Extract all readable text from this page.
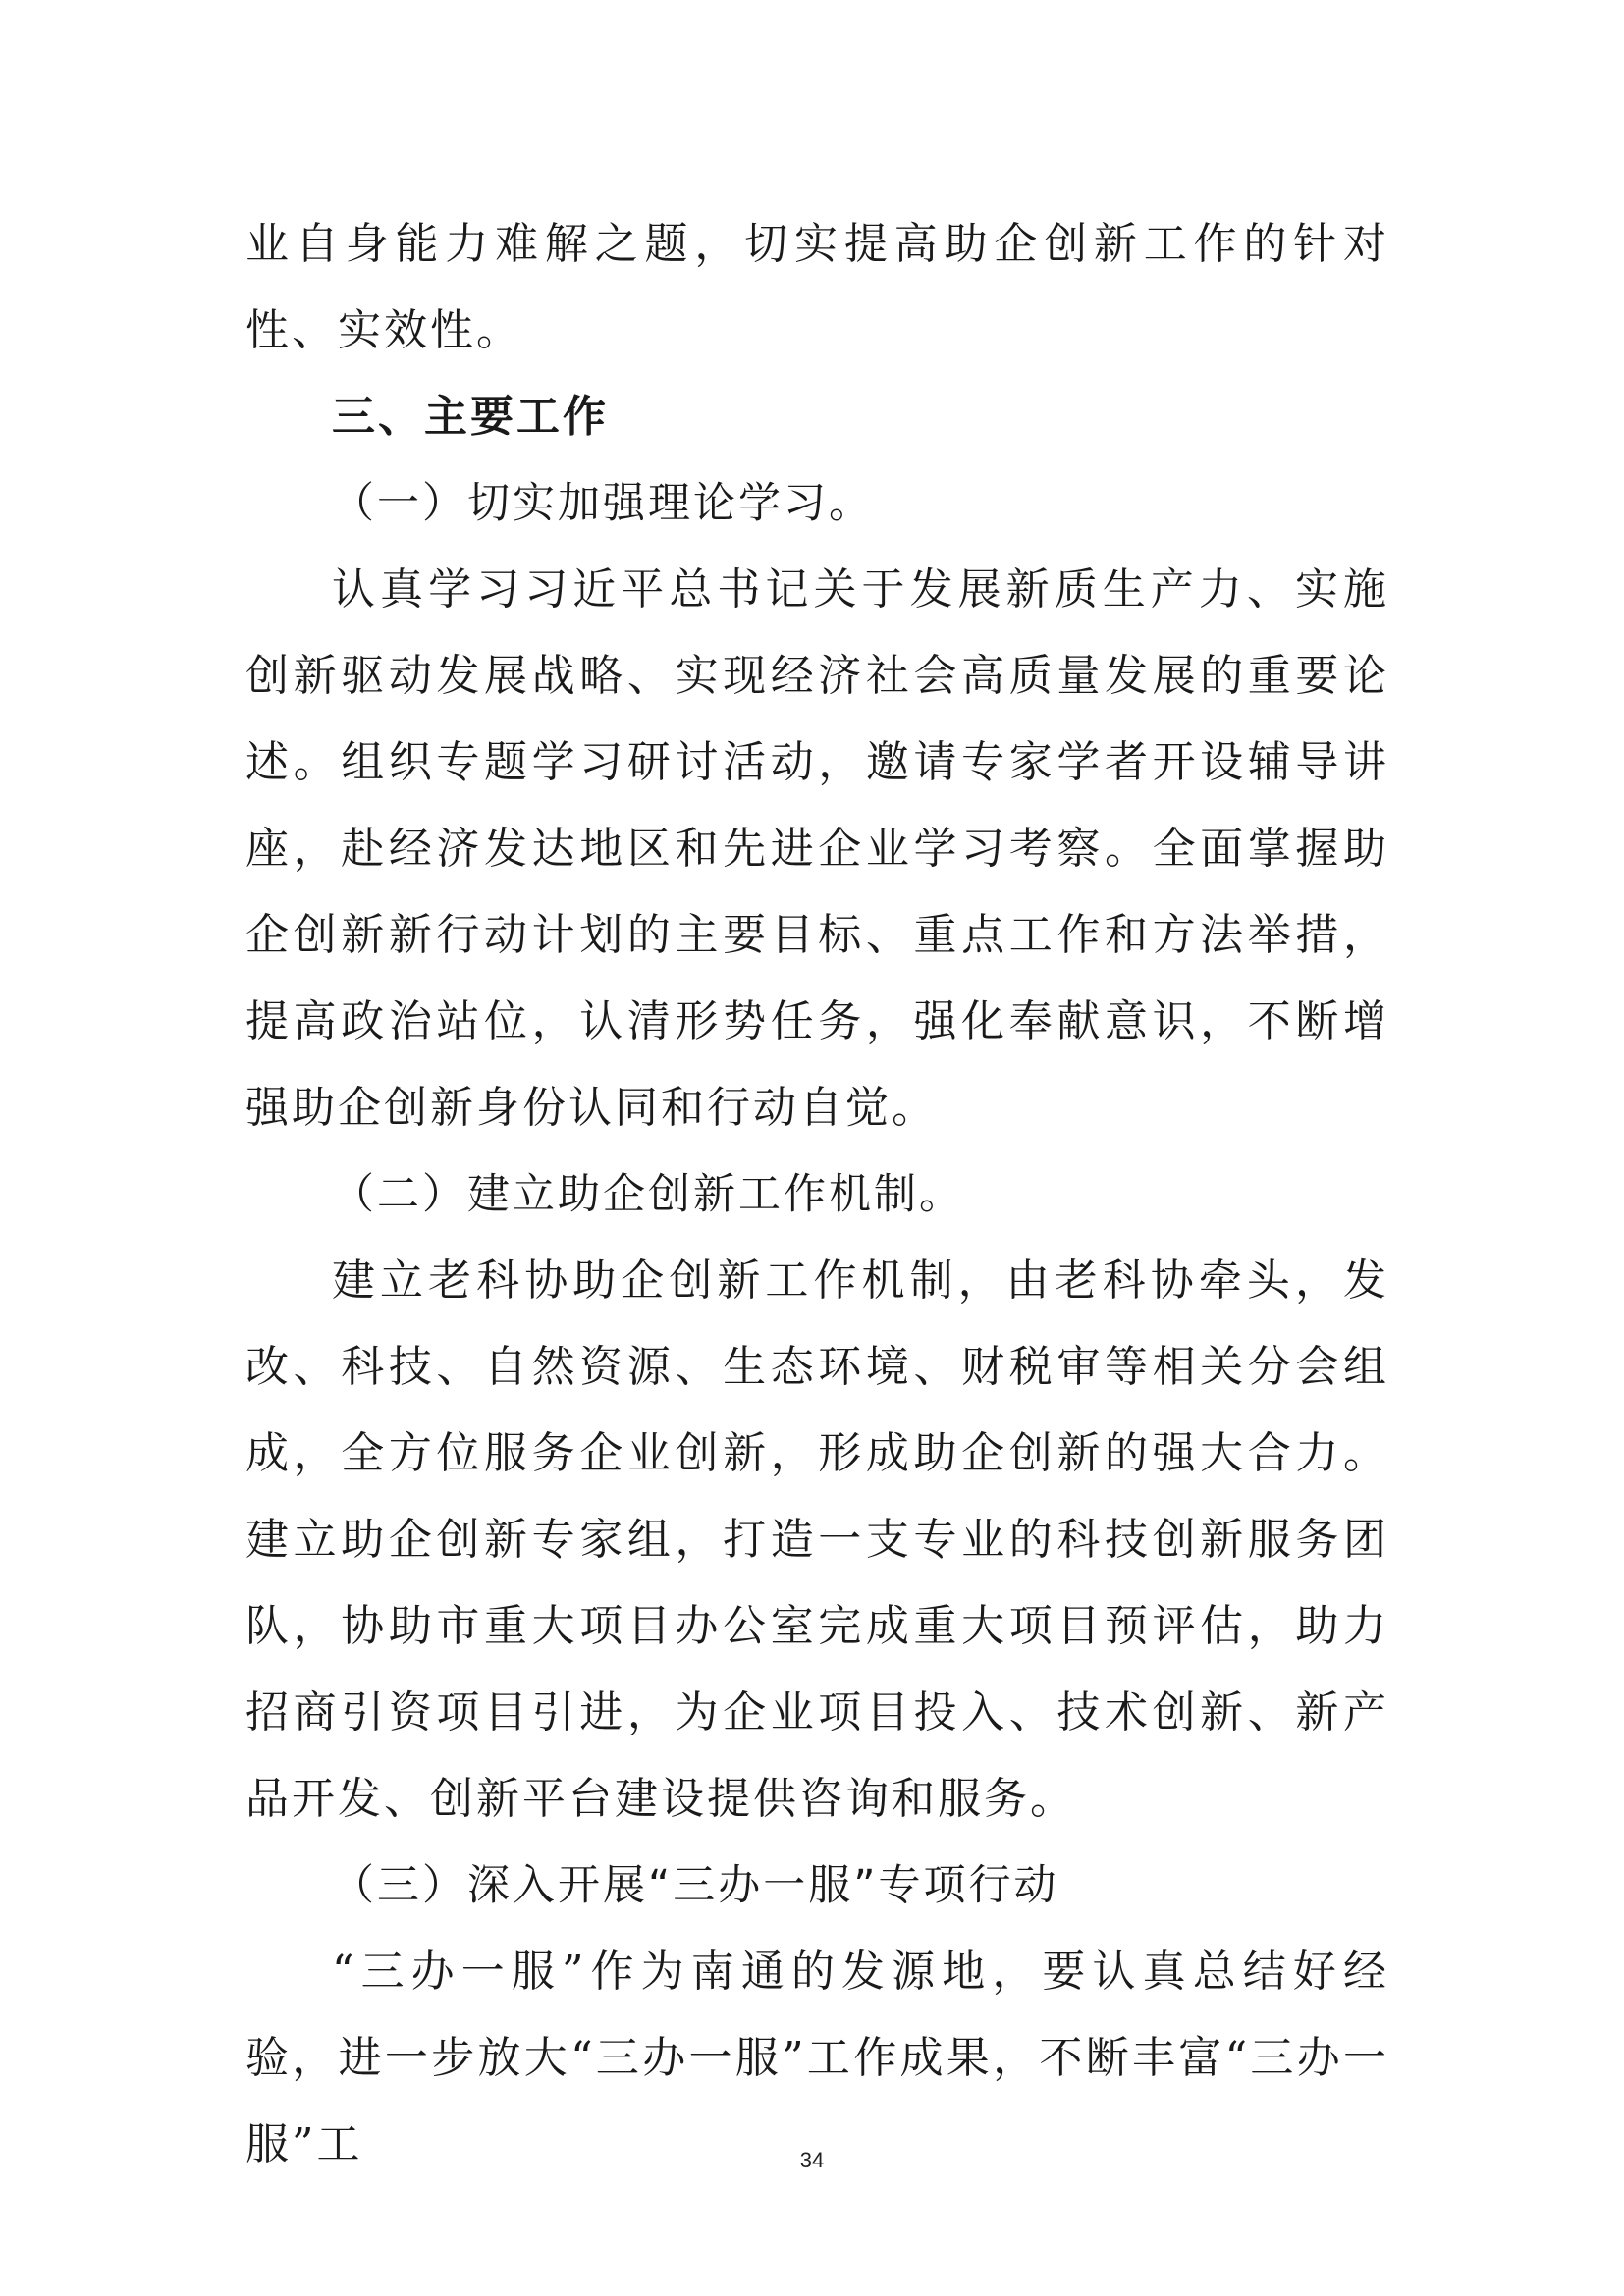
业自身能力难解之题，切实提高助企创新工作的针对性、实效性。

三、主要工作

（一）切实加强理论学习。

认真学习习近平总书记关于发展新质生产力、实施创新驱动发展战略、实现经济社会高质量发展的重要论述。组织专题学习研讨活动，邀请专家学者开设辅导讲座，赴经济发达地区和先进企业学习考察。全面掌握助企创新新行动计划的主要目标、重点工作和方法举措，提高政治站位，认清形势任务，强化奉献意识，不断增强助企创新身份认同和行动自觉。

（二）建立助企创新工作机制。

建立老科协助企创新工作机制，由老科协牵头，发改、科技、自然资源、生态环境、财税审等相关分会组成，全方位服务企业创新，形成助企创新的强大合力。建立助企创新专家组，打造一支专业的科技创新服务团队，协助市重大项目办公室完成重大项目预评估，助力招商引资项目引进，为企业项目投入、技术创新、新产品开发、创新平台建设提供咨询和服务。

（三）深入开展“三办一服”专项行动

“三办一服”作为南通的发源地，要认真总结好经验，进一步放大“三办一服”工作成果，不断丰富“三办一服”工	34
